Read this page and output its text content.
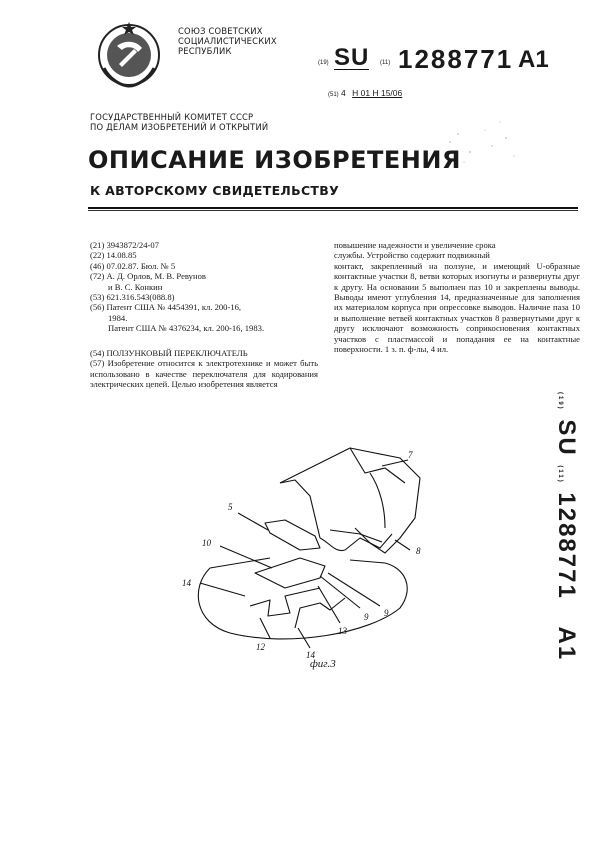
СОЮЗ СОВЕТСКИХ
СОЦИАЛИСТИЧЕСКИХ
РЕСПУБЛИК
(19) SU (11) 1288771 A1
(51) 4 H 01 H 15/06
ГОСУДАРСТВЕННЫЙ КОМИТЕТ СССР
ПО ДЕЛАМ ИЗОБРЕТЕНИЙ И ОТКРЫТИЙ
ОПИСАНИЕ ИЗОБРЕТЕНИЯ
К АВТОРСКОМУ СВИДЕТЕЛЬСТВУ
(21) 3943872/24-07
(22) 14.08.85
(46) 07.02.87. Бюл. № 5
(72) А. Д. Орлов, М. В. Ревунов
и В. С. Конкин
(53) 621.316.543(088.8)
(56) Патент США № 4454391, кл. 200-16,
1984.
Патент США № 4376234, кл. 200-16, 1983.
(54) ПОЛЗУНКОВЫЙ ПЕРЕКЛЮЧАТЕЛЬ
(57) Изобретение относится к электротехнике и может быть использовано в качестве переключателя для кодирования электрических цепей. Целью изобретения является
повышение надежности и увеличение срока
службы. Устройство содержит подвижный
контакт, закрепленный на ползуне, и имеющий U-образные контактные участки 8, ветви которых изогнуты и развернуты друг к другу. На основании 5 выполнен паз 10 и закреплены выводы. Выводы имеют углубления 14, предназначенные для заполнения их материалом корпуса при опрессовке выводов. Наличие паза 10 и выполнение ветвей контактных участков 8 развернутыми друг к другу исключают возможность соприкосновения контактных участков с пластмассой и попадания ее на контактные поверхности. 1 з. п. ф-лы, 4 ил.
(19) SU (11) 1288771 A1
7
5
10
14
8
9
9
13
12
14
фиг.3
